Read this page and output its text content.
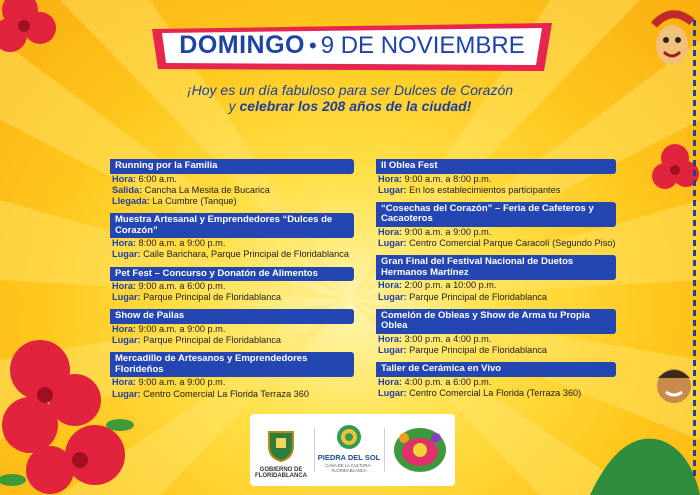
DOMINGO • 9 DE NOVIEMBRE
¡Hoy es un día fabuloso para ser Dulces de Corazón
y celebrar los 208 años de la ciudad!
Running por la Familia
Hora: 6:00 a.m.
Salida: Cancha La Mesita de Bucarica
Llegada: La Cumbre (Tanque)
Muestra Artesanal y Emprendedores “Dulces de Corazón”
Hora: 8:00 a.m. a 9:00 p.m.
Lugar: Calle Barichara, Parque Principal de Floridablanca
Pet Fest – Concurso y Donatón de Alimentos
Hora: 9:00 a.m. a 6:00 p.m.
Lugar: Parque Principal de Floridablanca
Show de Pailas
Hora: 9:00 a.m. a 9:00 p.m.
Lugar: Parque Principal de Floridablanca
Mercadillo de Artesanos y Emprendedores Florideños
Hora: 9:00 a.m. a 9:00 p.m.
Lugar: Centro Comercial La Florida Terraza 360
II Oblea Fest
Hora: 9:00 a.m. a 8:00 p.m.
Lugar: En los establecimientos participantes
“Cosechas del Corazón” – Feria de Cafeteros y Cacaoteros
Hora: 9:00 a.m. a 9:00 p.m.
Lugar: Centro Comercial Parque Caracolí (Segundo Piso)
Gran Final del Festival Nacional de Duetos Hermanos Martínez
Hora: 2:00 p.m. a 10:00 p.m.
Lugar: Parque Principal de Floridablanca
Comelón de Obleas y Show de Arma tu Propia Oblea
Hora: 3:00 p.m. a 4:00 p.m.
Lugar: Parque Principal de Floridablanca
Taller de Cerámica en Vivo
Hora: 4:00 p.m. a 6:00 p.m.
Lugar: Centro Comercial La Florida (Terraza 360)
GOBIERNO DE FLORIDABLANCA
PIEDRA DEL SOL
CASA DE LA CULTURA · FLORIDABLANCA
